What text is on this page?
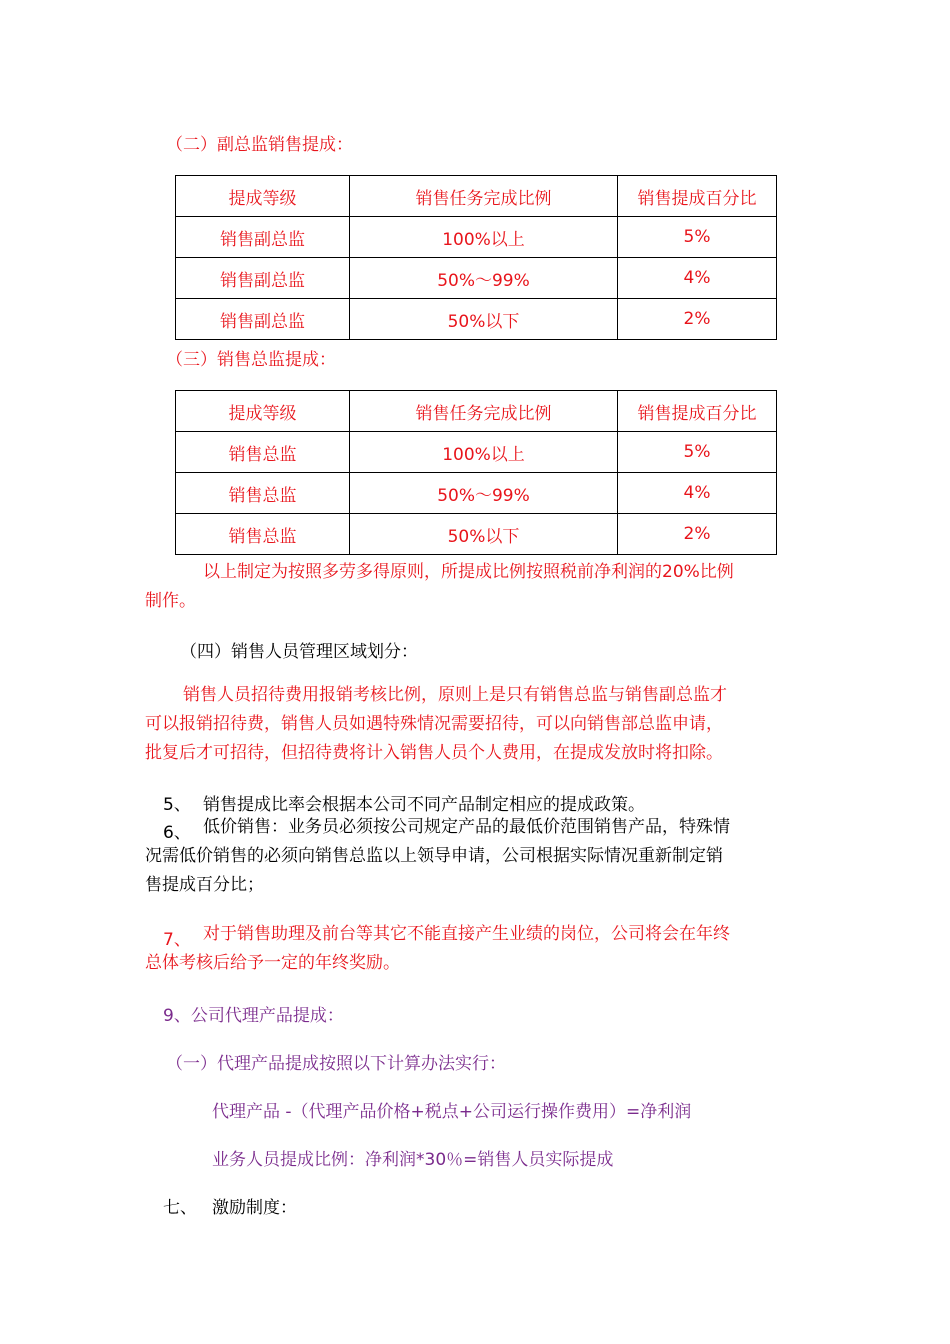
（二）副总监销售提成：
提成等级	销售任务完成比例	销售提成百分比
销售副总监	100%以上	5%
销售副总监	50%～99%	4%
销售副总监	50%以下	2%
（三）销售总监提成：
提成等级	销售任务完成比例	销售提成百分比
销售总监	100%以上	5%
销售总监	50%～99%	4%
销售总监	50%以下	2%
以上制定为按照多劳多得原则，所提成比例按照税前净利润的20%比例
制作。
（四）销售人员管理区域划分：
销售人员招待费用报销考核比例，原则上是只有销售总监与销售副总监才
可以报销招待费，销售人员如遇特殊情况需要招待，可以向销售部总监申请，
批复后才可招待，但招待费将计入销售人员个人费用，在提成发放时将扣除。
5、 销售提成比率会根据本公司不同产品制定相应的提成政策。
6、 低价销售：业务员必须按公司规定产品的最低价范围销售产品，特殊情
况需低价销售的必须向销售总监以上领导申请，公司根据实际情况重新制定销
售提成百分比；
7、 对于销售助理及前台等其它不能直接产生业绩的岗位，公司将会在年终
总体考核后给予一定的年终奖励。
9、公司代理产品提成：
（一）代理产品提成按照以下计算办法实行：
代理产品 -（代理产品价格+税点+公司运行操作费用）=净利润
业务人员提成比例：净利润*30％=销售人员实际提成
七、 激励制度：
